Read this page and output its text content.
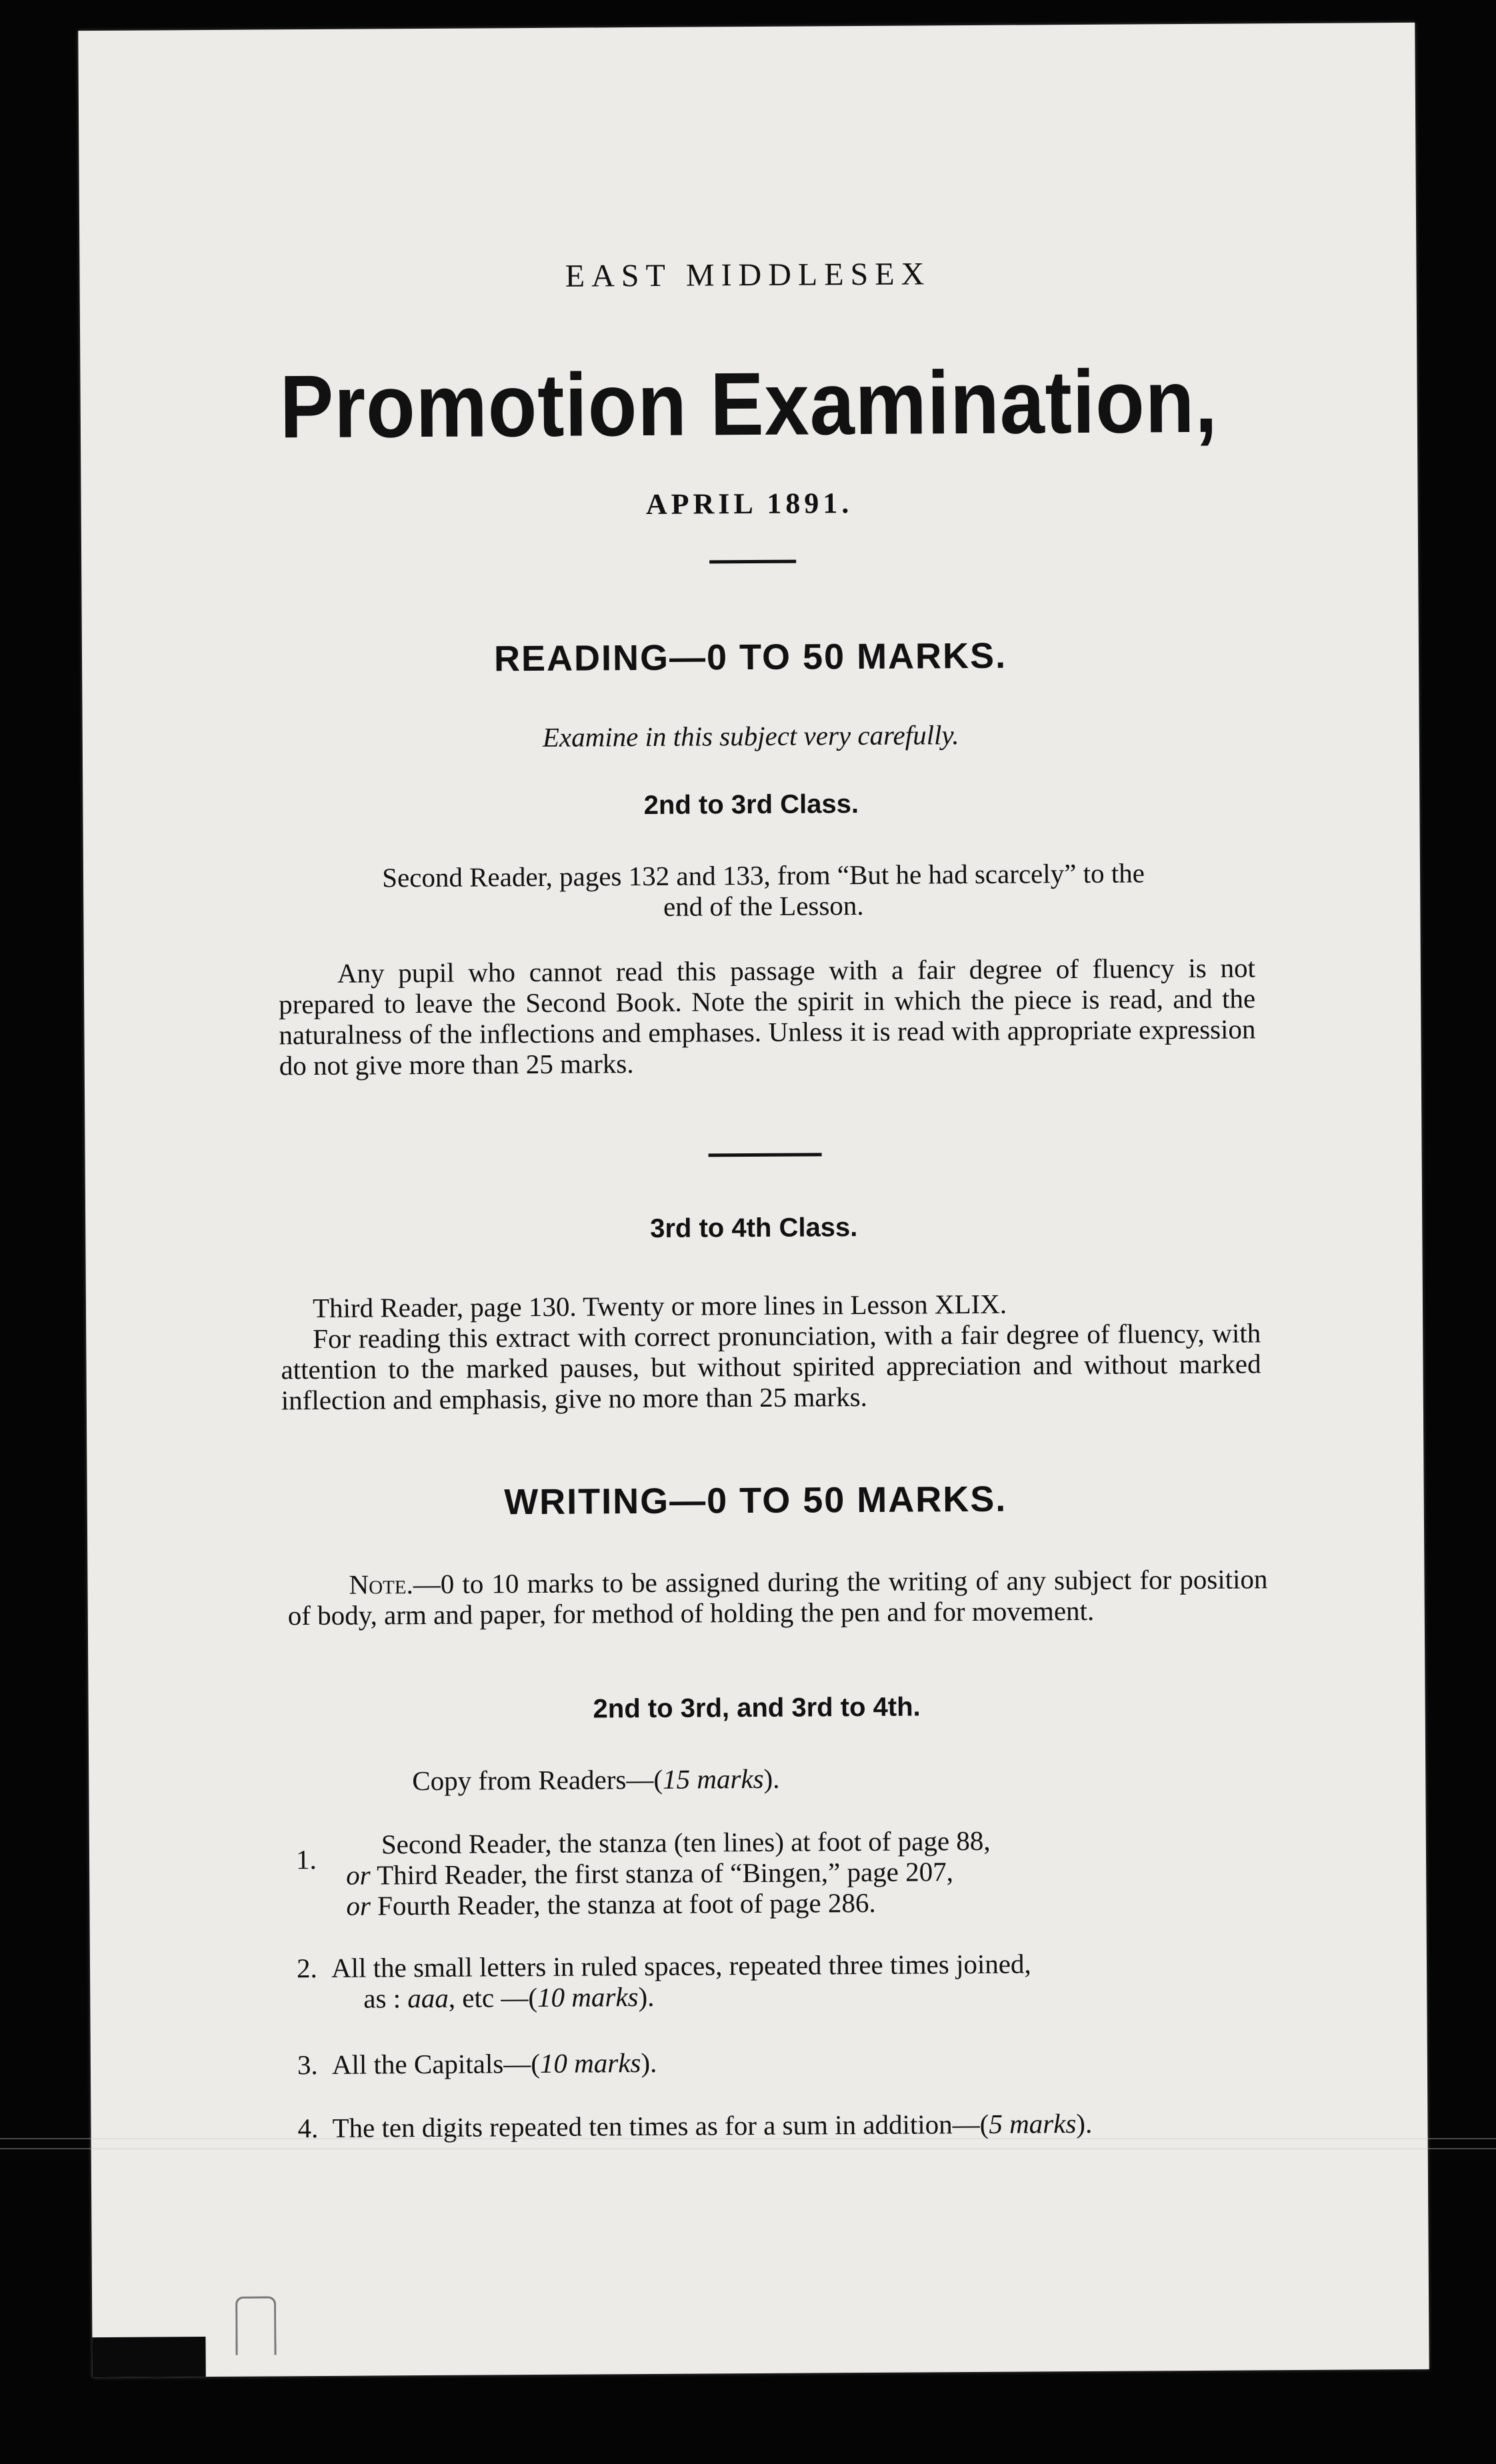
EAST MIDDLESEX
Promotion Examination,
APRIL 1891.
READING—0 TO 50 MARKS.
Examine in this subject very carefully.
2nd to 3rd Class.
Second Reader, pages 132 and 133, from “But he had scarcely” to the
end of the Lesson.
Any pupil who cannot read this passage with a fair degree of fluency is not prepared to leave the Second Book. Note the spirit in which the piece is read, and the naturalness of the inflections and emphases. Unless it is read with appropriate expression do not give more than 25 marks.
3rd to 4th Class.
Third Reader, page 130. Twenty or more lines in Lesson XLIX.
For reading this extract with correct pronunciation, with a fair degree of fluency, with attention to the marked pauses, but without spirited appreciation and without marked inflection and emphasis, give no more than 25 marks.
WRITING—0 TO 50 MARKS.
Note.—0 to 10 marks to be assigned during the writing of any subject for position of body, arm and paper, for method of holding the pen and for movement.
2nd to 3rd, and 3rd to 4th.
Copy from Readers—(15 marks).
1.	Second Reader, the stanza (ten lines) at foot of page 88,
or Third Reader, the first stanza of “Bingen,” page 207,
or Fourth Reader, the stanza at foot of page 286.
2. All the small letters in ruled spaces, repeated three times joined,
as : aaa, etc —(10 marks).
3. All the Capitals—(10 marks).
4. The ten digits repeated ten times as for a sum in addition—(5 marks).
